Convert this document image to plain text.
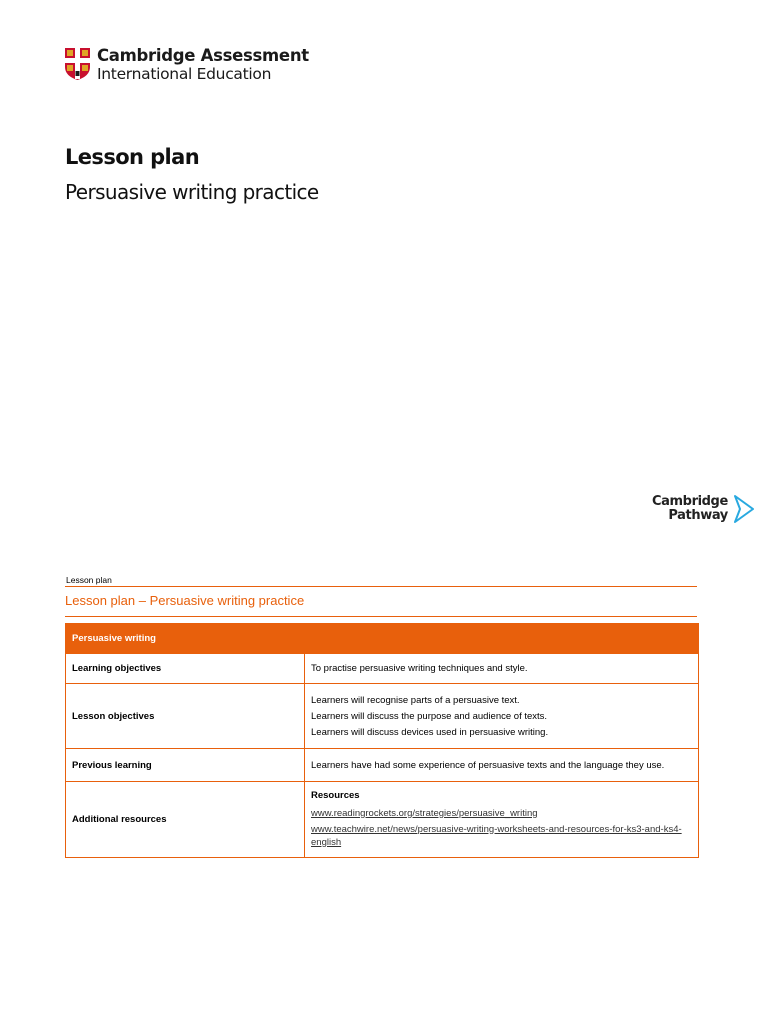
Cambridge Assessment
International Education
Lesson plan
Persuasive writing practice
Cambridge
Pathway
Lesson plan
Lesson plan – Persuasive writing practice
Persuasive writing	
Learning objectives	To practise persuasive writing techniques and style.
Lesson objectives	Learners will recognise parts of a persuasive text.
Learners will discuss the purpose and audience of texts.
Learners will discuss devices used in persuasive writing.

Previous learning	Learners have had some experience of persuasive texts and the language they use.
Additional resources	Resources
www.readingrockets.org/strategies/persuasive_writing
www.teachwire.net/news/persuasive-writing-worksheets-and-resources-for-ks3-and-ks4-english
